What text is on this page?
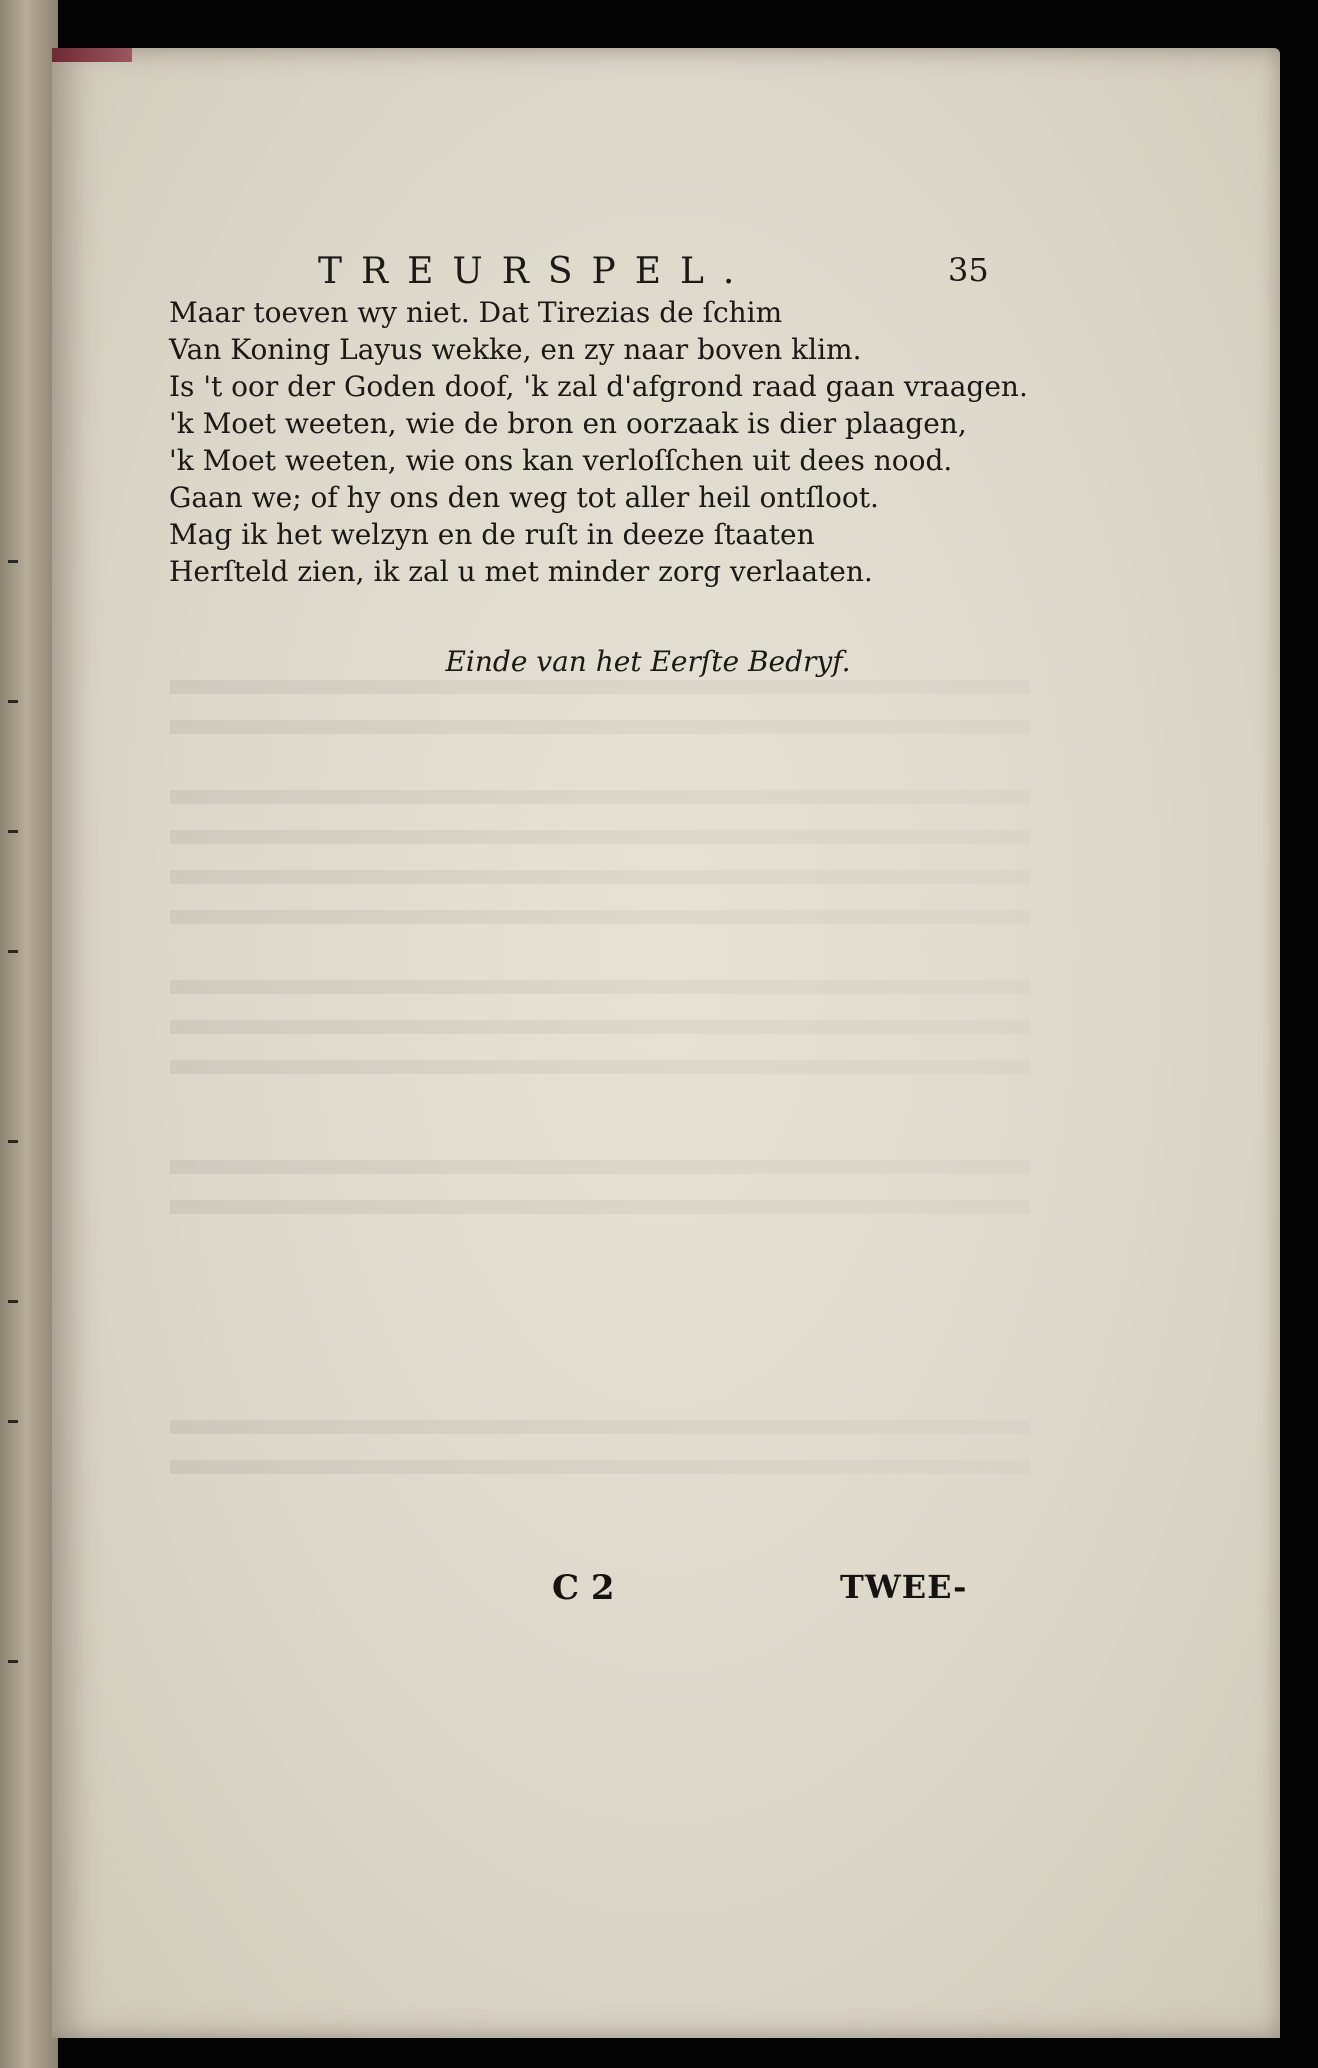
TREURSPEL.	35
Maar toeven wy niet. Dat Tirezias de ſchim
Van Koning Layus wekke, en zy naar boven klim.
Is 't oor der Goden doof, 'k zal d'afgrond raad gaan vraagen.
'k Moet weeten, wie de bron en oorzaak is dier plaagen,
'k Moet weeten, wie ons kan verloſſchen uit dees nood.
Gaan we; of hy ons den weg tot aller heil ontſloot.
Mag ik het welzyn en de ruſt in deeze ſtaaten
Herſteld zien, ik zal u met minder zorg verlaaten.
Einde van het Eerſte Bedryf.
C 2	TWEE-
